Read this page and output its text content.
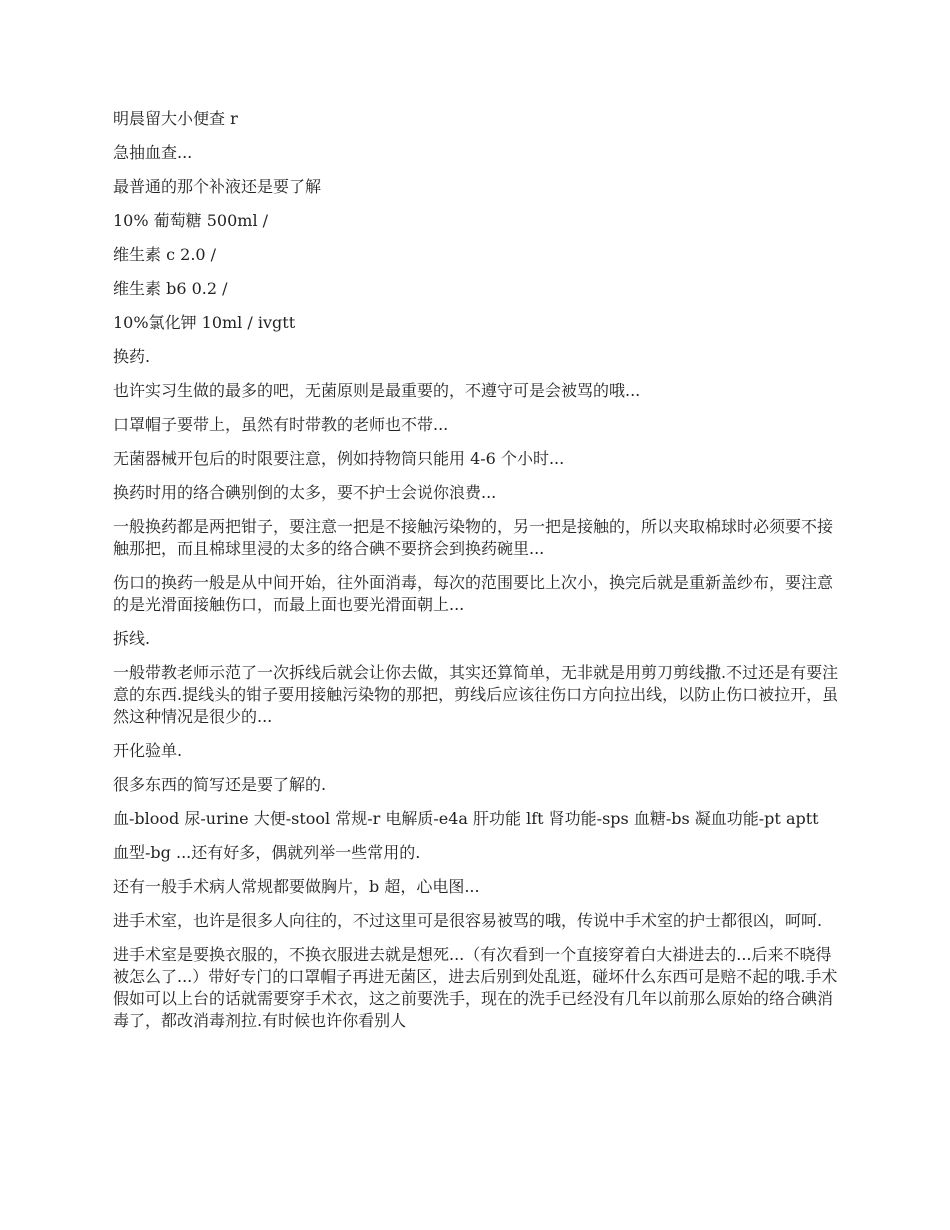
明晨留大小便查 r

急抽血查...

最普通的那个补液还是要了解

10% 葡萄糖 500ml /

维生素 c 2.0 /

维生素 b6 0.2 /

10%氯化钾 10ml / ivgtt

换药.

也许实习生做的最多的吧，无菌原则是最重要的，不遵守可是会被骂的哦...

口罩帽子要带上，虽然有时带教的老师也不带...

无菌器械开包后的时限要注意，例如持物筒只能用 4-6 个小时...

换药时用的络合碘别倒的太多，要不护士会说你浪费...

一般换药都是两把钳子，要注意一把是不接触污染物的，另一把是接触的，所以夹取棉球时必须要不接触那把，而且棉球里浸的太多的络合碘不要挤会到换药碗里...

伤口的换药一般是从中间开始，往外面消毒，每次的范围要比上次小，换完后就是重新盖纱布，要注意的是光滑面接触伤口，而最上面也要光滑面朝上...

拆线.

一般带教老师示范了一次拆线后就会让你去做，其实还算简单，无非就是用剪刀剪线撒.不过还是有要注意的东西.提线头的钳子要用接触污染物的那把，剪线后应该往伤口方向拉出线，以防止伤口被拉开，虽然这种情况是很少的...

开化验单.

很多东西的简写还是要了解的.

血-blood 尿-urine 大便-stool 常规-r 电解质-e4a 肝功能 lft 肾功能-sps 血糖-bs 凝血功能-pt aptt

血型-bg ...还有好多，偶就列举一些常用的.

还有一般手术病人常规都要做胸片，b 超，心电图...

进手术室，也许是很多人向往的，不过这里可是很容易被骂的哦，传说中手术室的护士都很凶，呵呵.

进手术室是要换衣服的，不换衣服进去就是想死...（有次看到一个直接穿着白大褂进去的...后来不晓得被怎么了...）带好专门的口罩帽子再进无菌区，进去后别到处乱逛，碰坏什么东西可是赔不起的哦.手术假如可以上台的话就需要穿手术衣，这之前要洗手，现在的洗手已经没有几年以前那么原始的络合碘消毒了，都改消毒剂拉.有时候也许你看别人
